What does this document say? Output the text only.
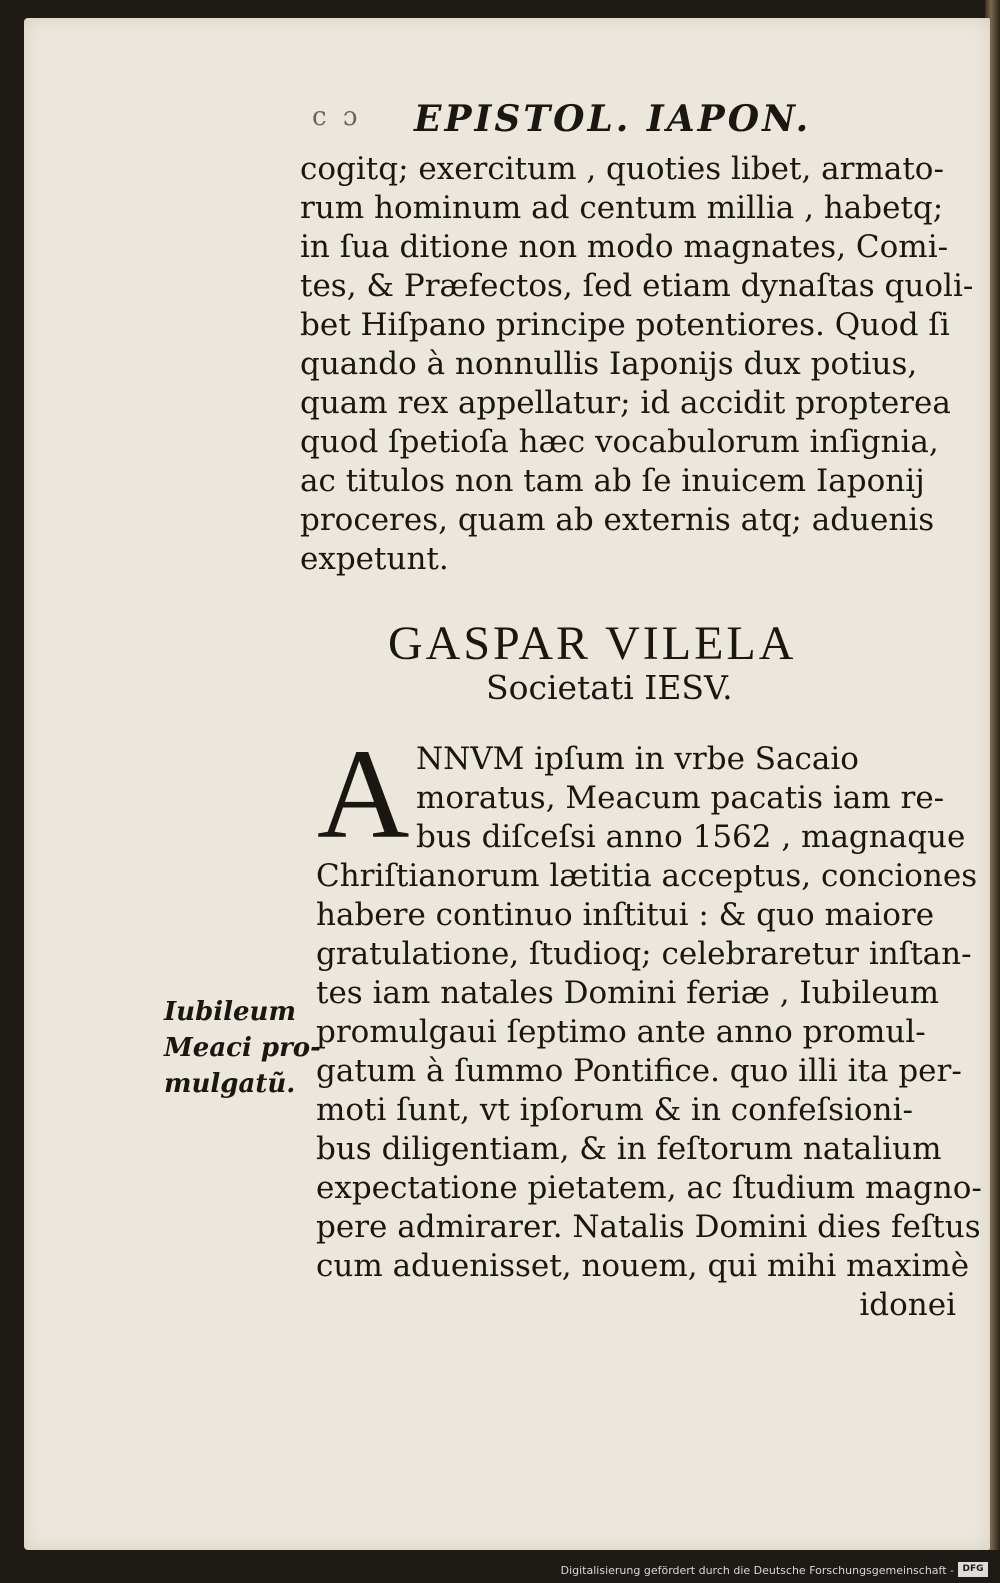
c ɔ EPISTOL. IAPON.
cogitq; exercitum , quoties libet, armato-
rum hominum ad centum millia , habetq;
in ſua ditione non modo magnates, Comi-
tes, & Præfectos, ſed etiam dynaſtas quoli-
bet Hiſpano principe potentiores. Quod ſi
quando à nonnullis Iaponijs dux potius,
quam rex appellatur; id accidit propterea
quod ſpetioſa hæc vocabulorum inſignia,
ac titulos non tam ab ſe inuicem Iaponij
proceres, quam ab externis atq; aduenis
expetunt.
GASPAR VILELA
Societati IESV.
A NNVM ipſum in vrbe Sacaio
moratus, Meacum pacatis iam re-
bus diſceſsi anno 1562 , magnaque
Chriſtianorum lætitia acceptus, conciones
habere continuo inſtitui : & quo maiore
gratulatione, ſtudioq; celebraretur inſtan-
tes iam natales Domini feriæ , Iubileum
promulgaui ſeptimo ante anno promul-
gatum à ſummo Pontifice. quo illi ita per-
moti ſunt, vt ipſorum & in confeſsioni-
bus diligentiam, & in feſtorum natalium
expectatione pietatem, ac ſtudium magno-
pere admirarer. Natalis Domini dies feſtus
cum aduenisset, nouem, qui mihi maximè
idonei
Iubileum
Meaci pro-
mulgatũ.
Digitalisierung gefördert durch die Deutsche Forschungsgemeinschaft - DFG
